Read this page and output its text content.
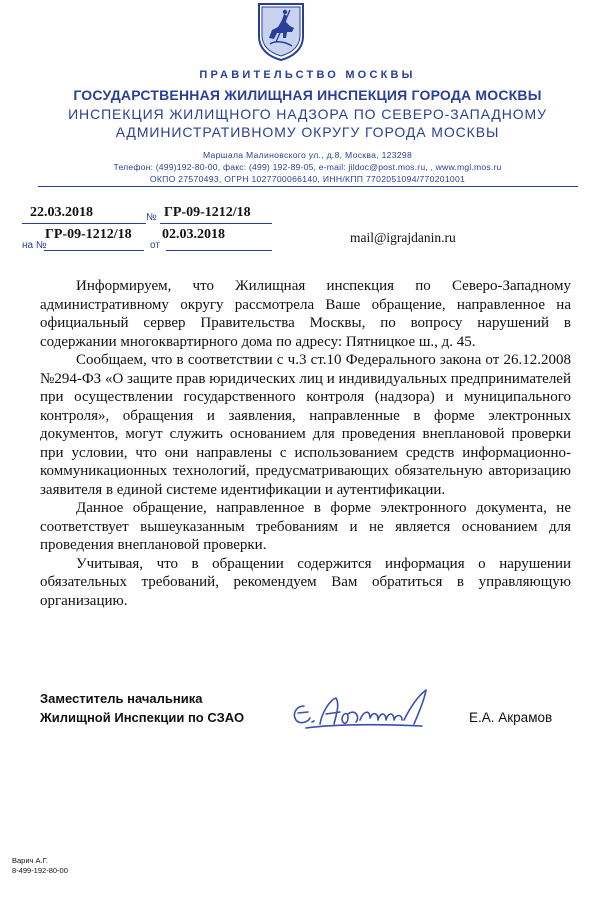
ПРАВИТЕЛЬСТВО МОСКВЫ
ГОСУДАРСТВЕННАЯ ЖИЛИЩНАЯ ИНСПЕКЦИЯ ГОРОДА МОСКВЫ
ИНСПЕКЦИЯ ЖИЛИЩНОГО НАДЗОРА ПО СЕВЕРО-ЗАПАДНОМУ
АДМИНИСТРАТИВНОМУ ОКРУГУ ГОРОДА МОСКВЫ
Маршала Малиновского ул., д.8, Москва, 123298
Телефон: (499)192-80-00, факс: (499) 192-89-05, e-mail: jildoc@post.mos.ru, , www.mgi.mos.ru
ОКПО 27570493, ОГРН 1027700066140, ИНН/КПП 7702051094/770201001
22.03.2018	№ ГР-09-1212/18
на №
ГР-09-1212/18
от
02.03.2018	mail@igrajdanin.ru

Информируем, что Жилищная инспекция по Северо-Западному административному округу рассмотрела Ваше обращение, направленное на официальный сервер Правительства Москвы, по вопросу нарушений в содержании многоквартирного дома по адресу: Пятницкое ш., д. 45.

Сообщаем, что в соответствии с ч.3 ст.10 Федерального закона от 26.12.2008 №294-ФЗ «О защите прав юридических лиц и индивидуальных предпринимателей при осуществлении государственного контроля (надзора) и муниципального контроля», обращения и заявления, направленные в форме электронных документов, могут служить основанием для проведения внеплановой проверки при условии, что они направлены с использованием средств информационно-коммуникационных технологий, предусматривающих обязательную авторизацию заявителя в единой системе идентификации и аутентификации.

Данное обращение, направленное в форме электронного документа, не соответствует вышеуказанным требованиям и не является основанием для проведения внеплановой проверки.

Учитывая, что в обращении содержится информация о нарушении обязательных требований, рекомендуем Вам обратиться в управляющую организацию.

Заместитель начальника
Жилищной Инспекции по СЗАО	Е.А. Акрамов
Варич А.Г.
8-499-192-80-00
